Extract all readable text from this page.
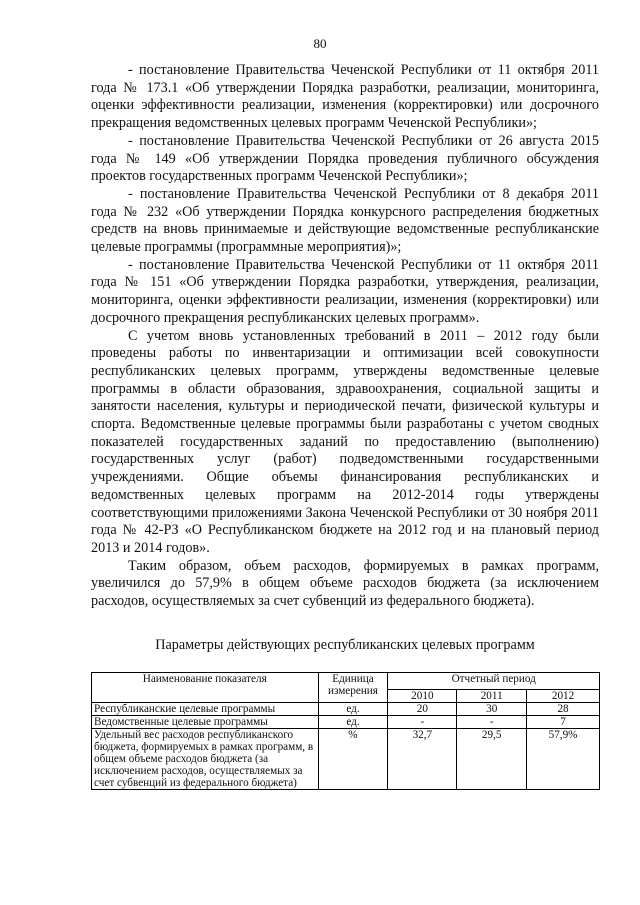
80

- постановление Правительства Чеченской Республики от 11 октября 2011 года № 173.1 «Об утверждении Порядка разработки, реализации, мониторинга, оценки эффективности реализации, изменения (корректировки) или досрочного прекращения ведомственных целевых программ Чеченской Республики»;

- постановление Правительства Чеченской Республики от 26 августа 2015 года № 149 «Об утверждении Порядка проведения публичного обсуждения проектов государственных программ Чеченской Республики»;

- постановление Правительства Чеченской Республики от 8 декабря 2011 года № 232 «Об утверждении Порядка конкурсного распределения бюджетных средств на вновь принимаемые и действующие ведомственные республиканские целевые программы (программные мероприятия)»;

- постановление Правительства Чеченской Республики от 11 октября 2011 года № 151 «Об утверждении Порядка разработки, утверждения, реализации, мониторинга, оценки эффективности реализации, изменения (корректировки) или досрочного прекращения республиканских целевых программ».

С учетом вновь установленных требований в 2011 – 2012 году были проведены работы по инвентаризации и оптимизации всей совокупности республиканских целевых программ, утверждены ведомственные целевые программы в области образования, здравоохранения, социальной защиты и занятости населения, культуры и периодической печати, физической культуры и спорта. Ведомственные целевые программы были разработаны с учетом сводных показателей государственных заданий по предоставлению (выполнению) государственных услуг (работ) подведомственными государственными учреждениями. Общие объемы финансирования республиканских и ведомственных целевых программ на 2012-2014 годы утверждены соответствующими приложениями Закона Чеченской Республики от 30 ноября 2011 года № 42-РЗ «О Республиканском бюджете на 2012 год и на плановый период 2013 и 2014 годов».

Таким образом, объем расходов, формируемых в рамках программ, увеличился до 57,9% в общем объеме расходов бюджета (за исключением расходов, осуществляемых за счет субвенций из федерального бюджета).

Параметры действующих республиканских целевых программ
Наименование показателя	Единица измерения	Отчетный период		
		2010	2011	2012
Республиканские целевые программы	ед.	20	30	28
Ведомственные целевые программы	ед.	-	-	7
Удельный вес расходов республиканского бюджета, формируемых в рамках программ, в общем объеме расходов бюджета (за исключением расходов, осуществляемых за счет субвенций из федерального бюджета)	%	32,7	29,5	57,9%
